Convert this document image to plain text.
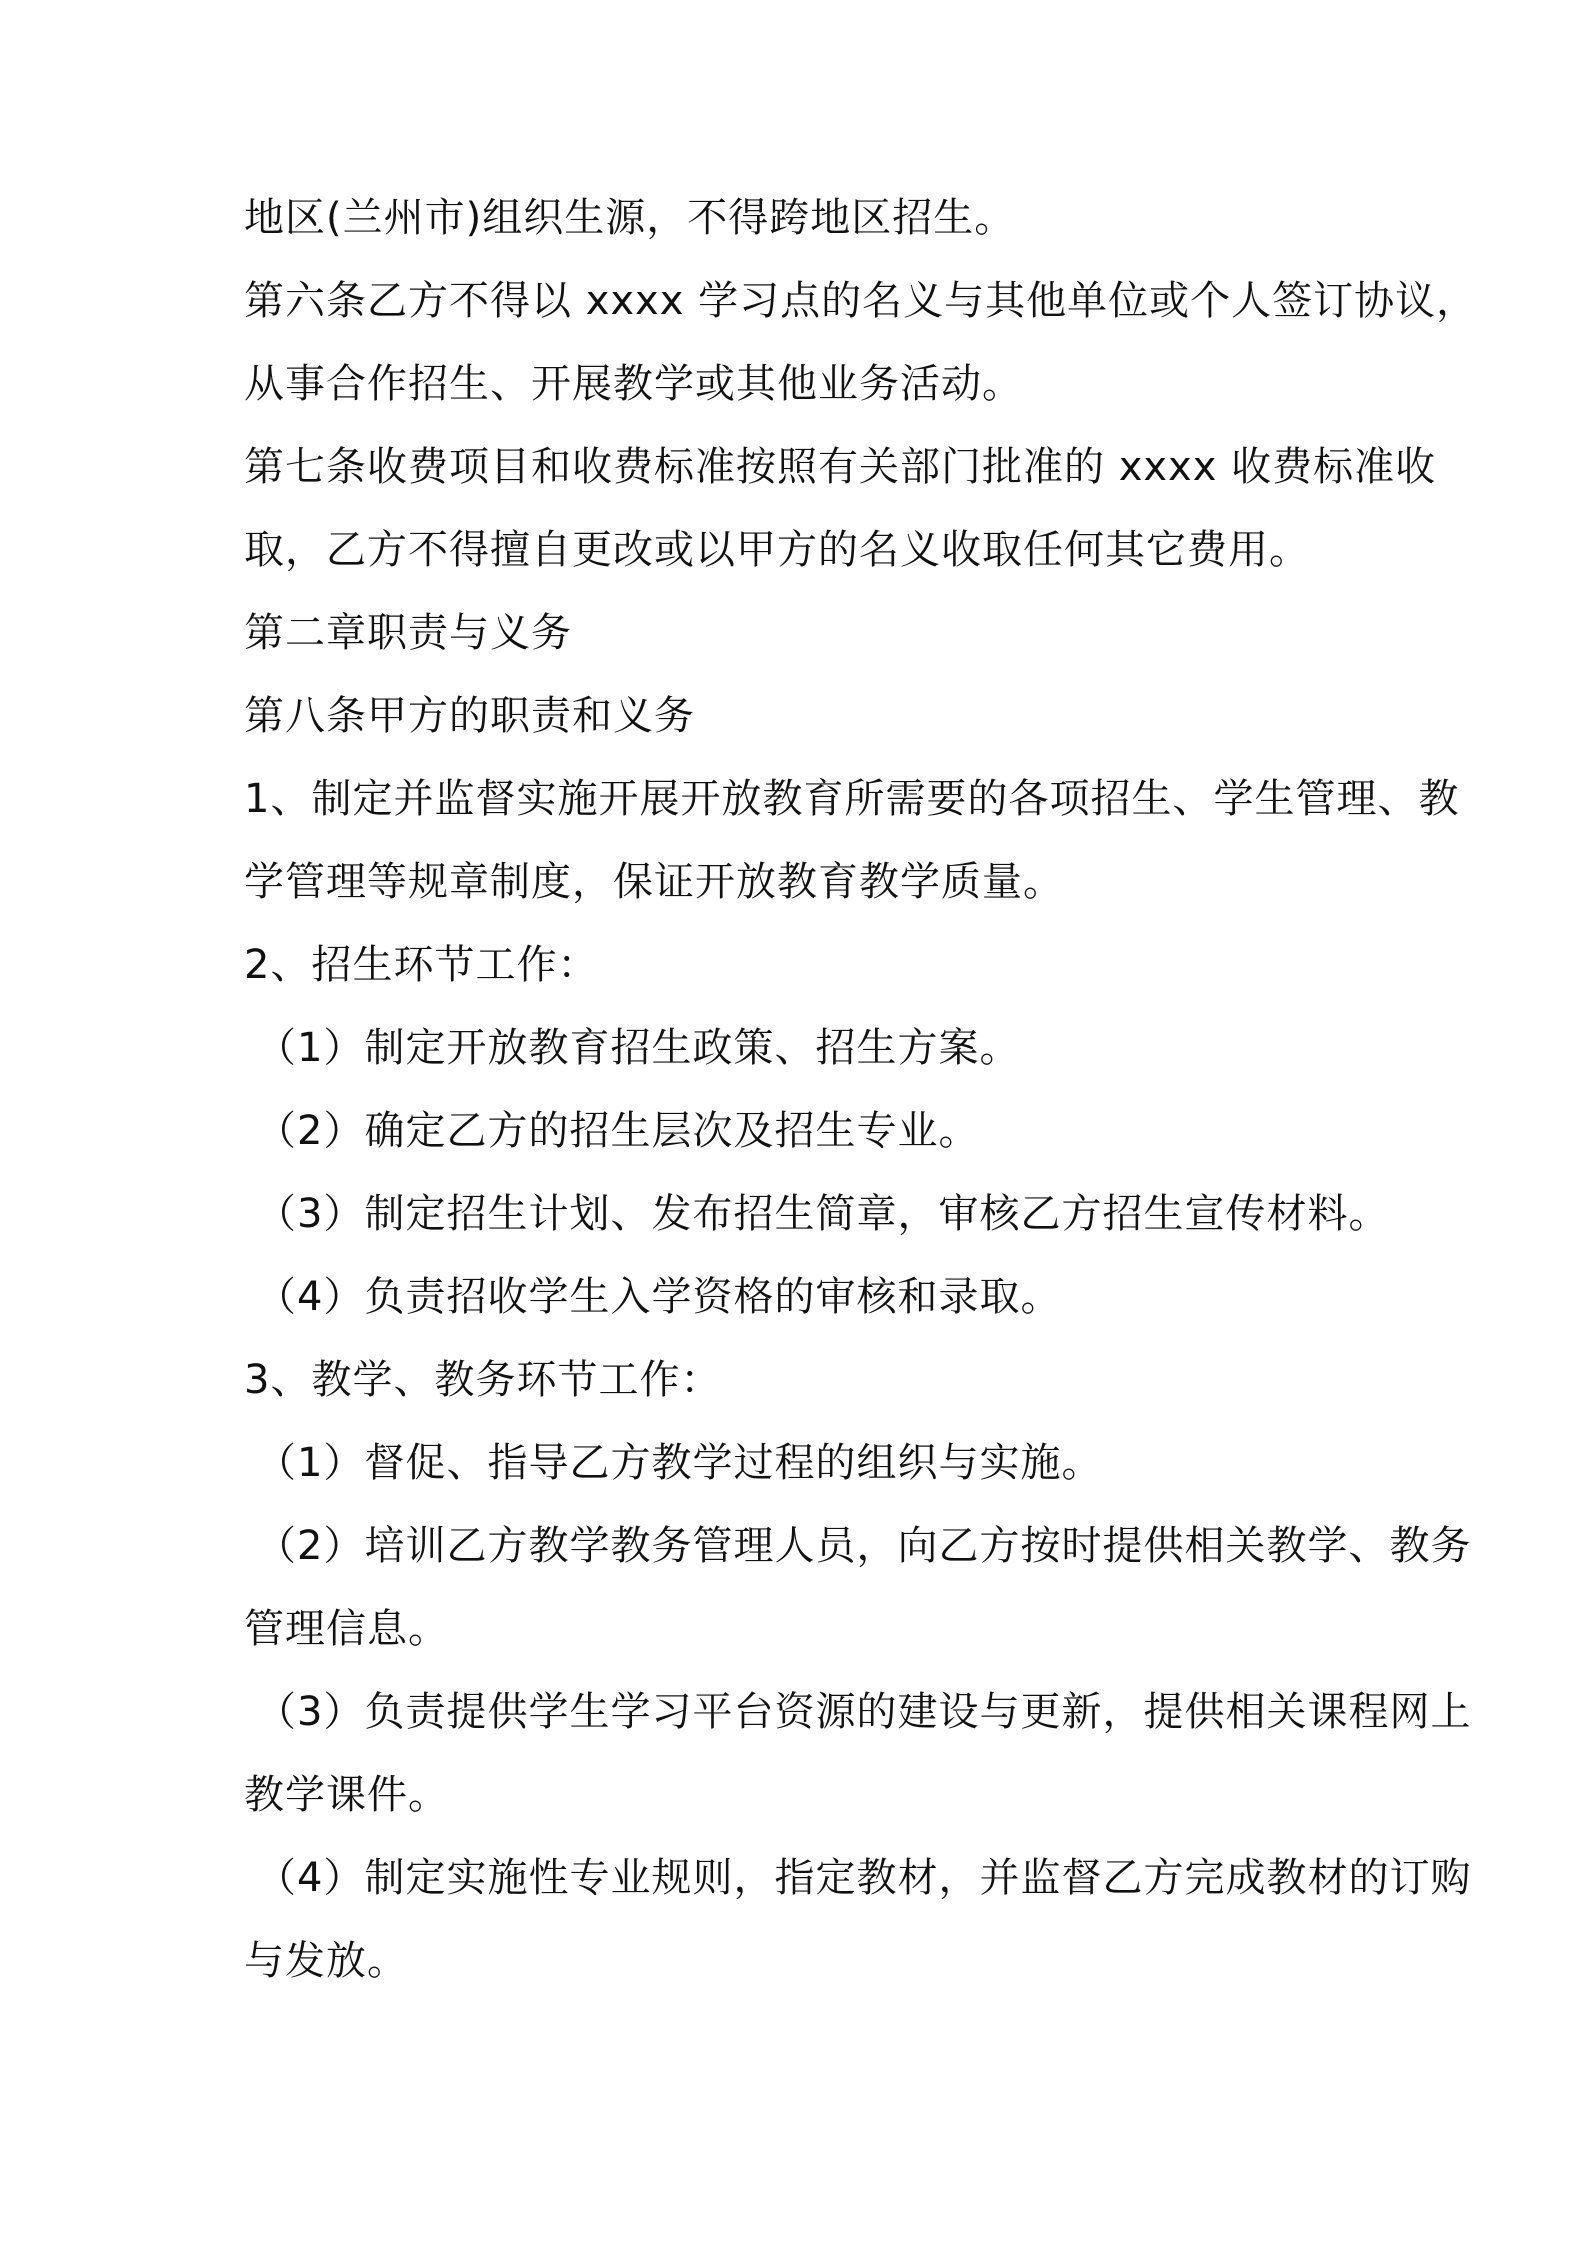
地区(兰州市)组织生源，不得跨地区招生。

第六条乙方不得以 xxxx 学习点的名义与其他单位或个人签订协议，

从事合作招生、开展教学或其他业务活动。

第七条收费项目和收费标准按照有关部门批准的 xxxx 收费标准收

取，乙方不得擅自更改或以甲方的名义收取任何其它费用。

第二章职责与义务

第八条甲方的职责和义务

1、制定并监督实施开展开放教育所需要的各项招生、学生管理、教

学管理等规章制度，保证开放教育教学质量。

2、招生环节工作：

（1）制定开放教育招生政策、招生方案。

（2）确定乙方的招生层次及招生专业。

（3）制定招生计划、发布招生简章，审核乙方招生宣传材料。

（4）负责招收学生入学资格的审核和录取。

3、教学、教务环节工作：

（1）督促、指导乙方教学过程的组织与实施。

（2）培训乙方教学教务管理人员，向乙方按时提供相关教学、教务

管理信息。

（3）负责提供学生学习平台资源的建设与更新，提供相关课程网上

教学课件。

（4）制定实施性专业规则，指定教材，并监督乙方完成教材的订购

与发放。
